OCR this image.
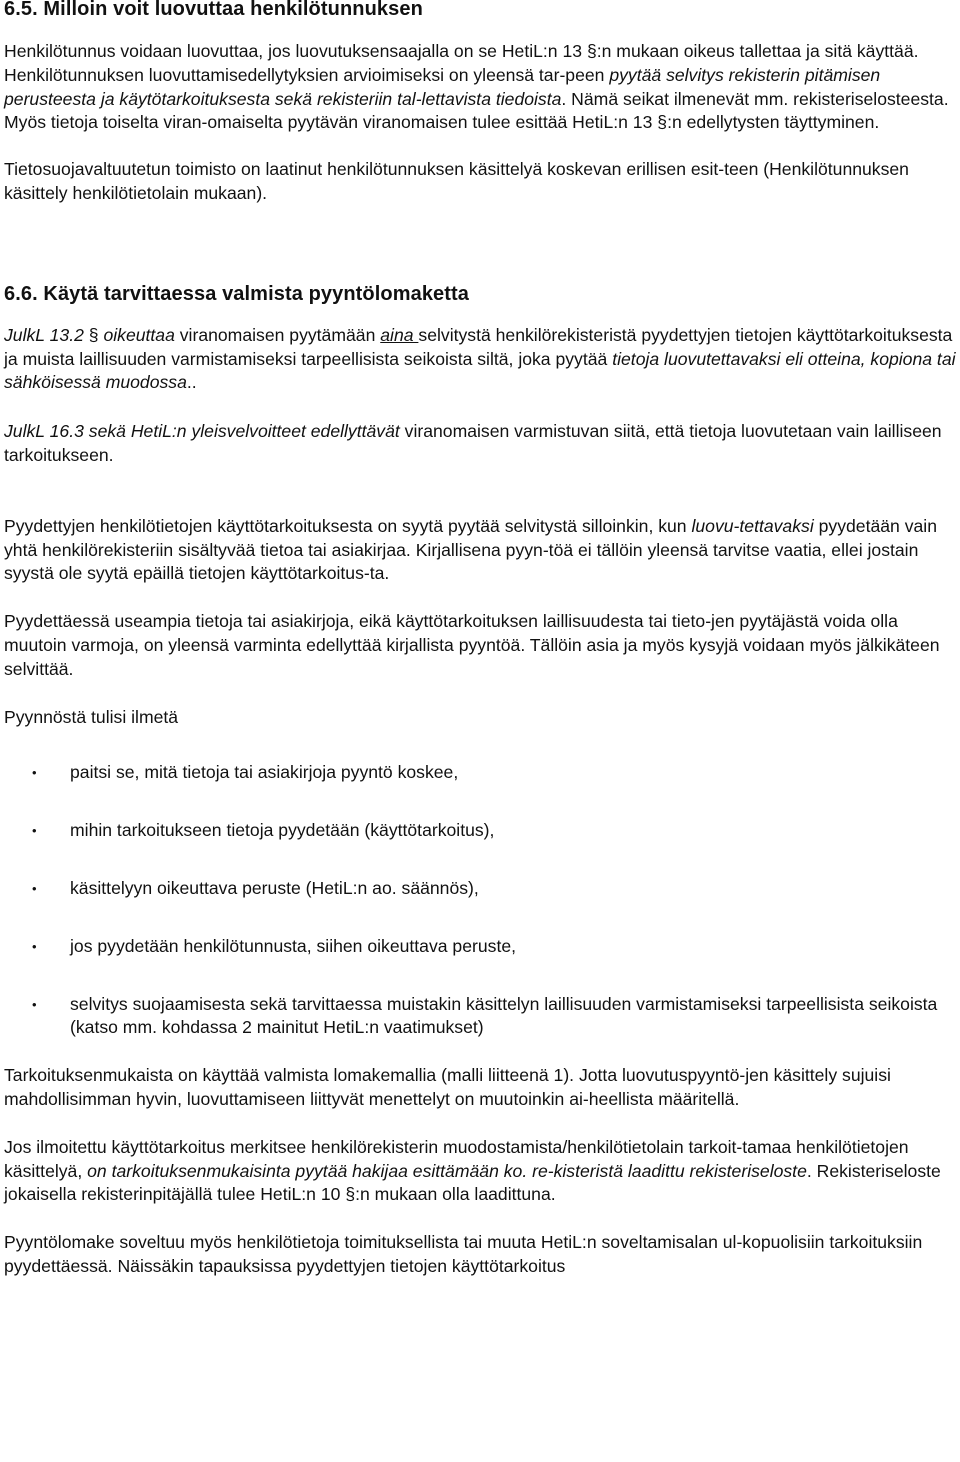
6.5. Milloin voit luovuttaa henkilötunnuksen

Henkilötunnus voidaan luovuttaa, jos luovutuksensaajalla on se HetiL:n 13 §:n mukaan oikeus tallettaa ja sitä käyttää. Henkilötunnuksen luovuttamisedellytyksien arvioimiseksi on yleensä tar-peen pyytää selvitys rekisterin pitämisen perusteesta ja käytötarkoituksesta sekä rekisteriin tal-lettavista tiedoista. Nämä seikat ilmenevät mm. rekisteriselosteesta. Myös tietoja toiselta viran-omaiselta pyytävän viranomaisen tulee esittää HetiL:n 13 §:n edellytysten täyttyminen.

Tietosuojavaltuutetun toimisto on laatinut henkilötunnuksen käsittelyä koskevan erillisen esit-teen (Henkilötunnuksen käsittely henkilötietolain mukaan).

6.6. Käytä tarvittaessa valmista pyyntölomaketta

JulkL 13.2 § oikeuttaa viranomaisen pyytämään aina selvitystä henkilörekisteristä pyydettyjen tietojen käyttötarkoituksesta ja muista laillisuuden varmistamiseksi tarpeellisista seikoista siltä, joka pyytää tietoja luovutettavaksi eli otteina, kopiona tai sähköisessä muodossa..

JulkL 16.3 sekä HetiL:n yleisvelvoitteet edellyttävät viranomaisen varmistuvan siitä, että tietoja luovutetaan vain lailliseen tarkoitukseen.

Pyydettyjen henkilötietojen käyttötarkoituksesta on syytä pyytää selvitystä silloinkin, kun luovu-tettavaksi pyydetään vain yhtä henkilörekisteriin sisältyvää tietoa tai asiakirjaa. Kirjallisena pyyn-töä ei tällöin yleensä tarvitse vaatia, ellei jostain syystä ole syytä epäillä tietojen käyttötarkoitus-ta.

Pyydettäessä useampia tietoja tai asiakirjoja, eikä käyttötarkoituksen laillisuudesta tai tieto-jen pyytäjästä voida olla muutoin varmoja, on yleensä varminta edellyttää kirjallista pyyntöä. Tällöin asia ja myös kysyjä voidaan myös jälkikäteen selvittää.

Pyynnöstä tulisi ilmetä

• paitsi se, mitä tietoja tai asiakirjoja pyyntö koskee,
• mihin tarkoitukseen tietoja pyydetään (käyttötarkoitus),
• käsittelyyn oikeuttava peruste (HetiL:n ao. säännös),
• jos pyydetään henkilötunnusta, siihen oikeuttava peruste,
• selvitys suojaamisesta sekä tarvittaessa muistakin käsittelyn laillisuuden varmistamiseksi tarpeellisista seikoista (katso mm. kohdassa 2 mainitut HetiL:n vaatimukset)

Tarkoituksenmukaista on käyttää valmista lomakemallia (malli liitteenä 1). Jotta luovutuspyyntö-jen käsittely sujuisi mahdollisimman hyvin, luovuttamiseen liittyvät menettelyt on muutoinkin ai-heellista määritellä.

Jos ilmoitettu käyttötarkoitus merkitsee henkilörekisterin muodostamista/henkilötietolain tarkoit-tamaa henkilötietojen käsittelyä, on tarkoituksenmukaisinta pyytää hakijaa esittämään ko. re-kisteristä laadittu rekisteriseloste. Rekisteriseloste jokaisella rekisterinpitäjällä tulee HetiL:n 10 §:n mukaan olla laadittuna.

Pyyntölomake soveltuu myös henkilötietoja toimituksellista tai muuta HetiL:n soveltamisalan ul-kopuolisiin tarkoituksiin pyydettäessä. Näissäkin tapauksissa pyydettyjen tietojen käyttötarkoitus
